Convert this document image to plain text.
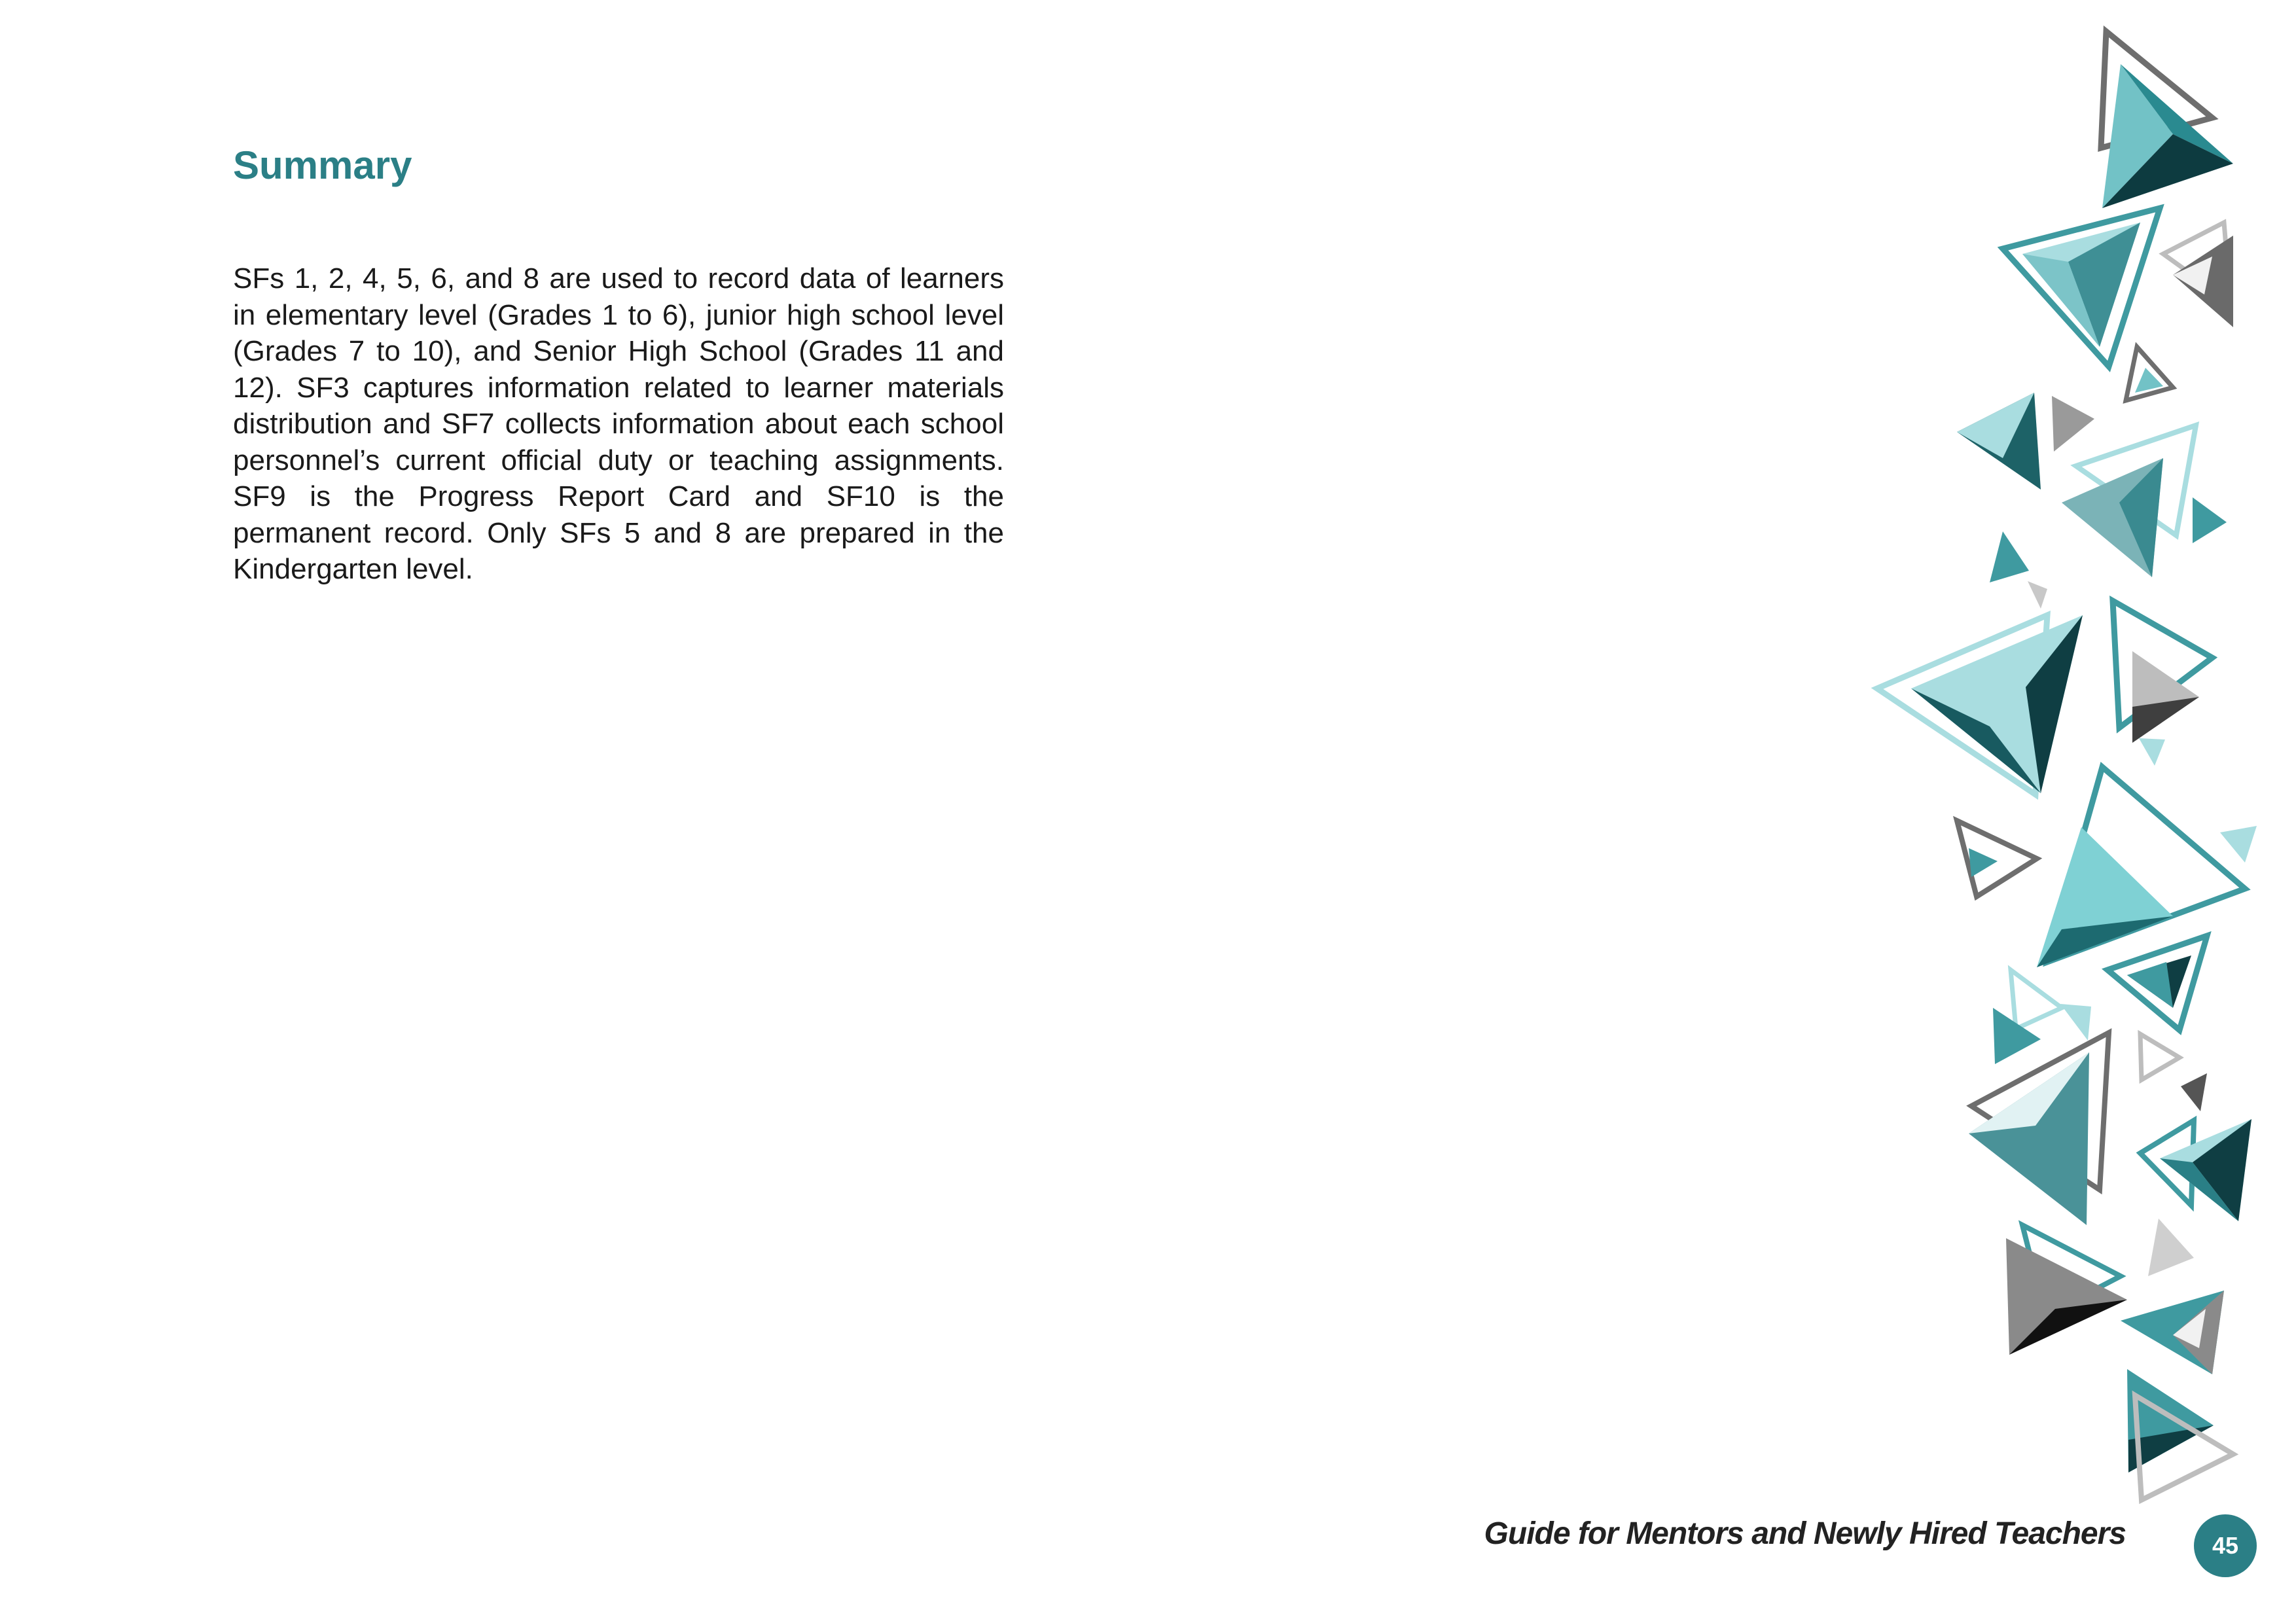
Summary

SFs 1, 2, 4, 5, 6, and 8 are used to record data of learners in elementary level (Grades 1 to 6), junior high school level (Grades 7 to 10), and Senior High School (Grades 11 and 12). SF3 captures information related to learner materials distribution and SF7 collects information about each school personnel’s current official duty or teaching assignments. SF9 is the Progress Report Card and SF10 is the permanent record. Only SFs 5 and 8 are prepared in the Kindergarten level.

Guide for Mentors and Newly Hired Teachers	45
